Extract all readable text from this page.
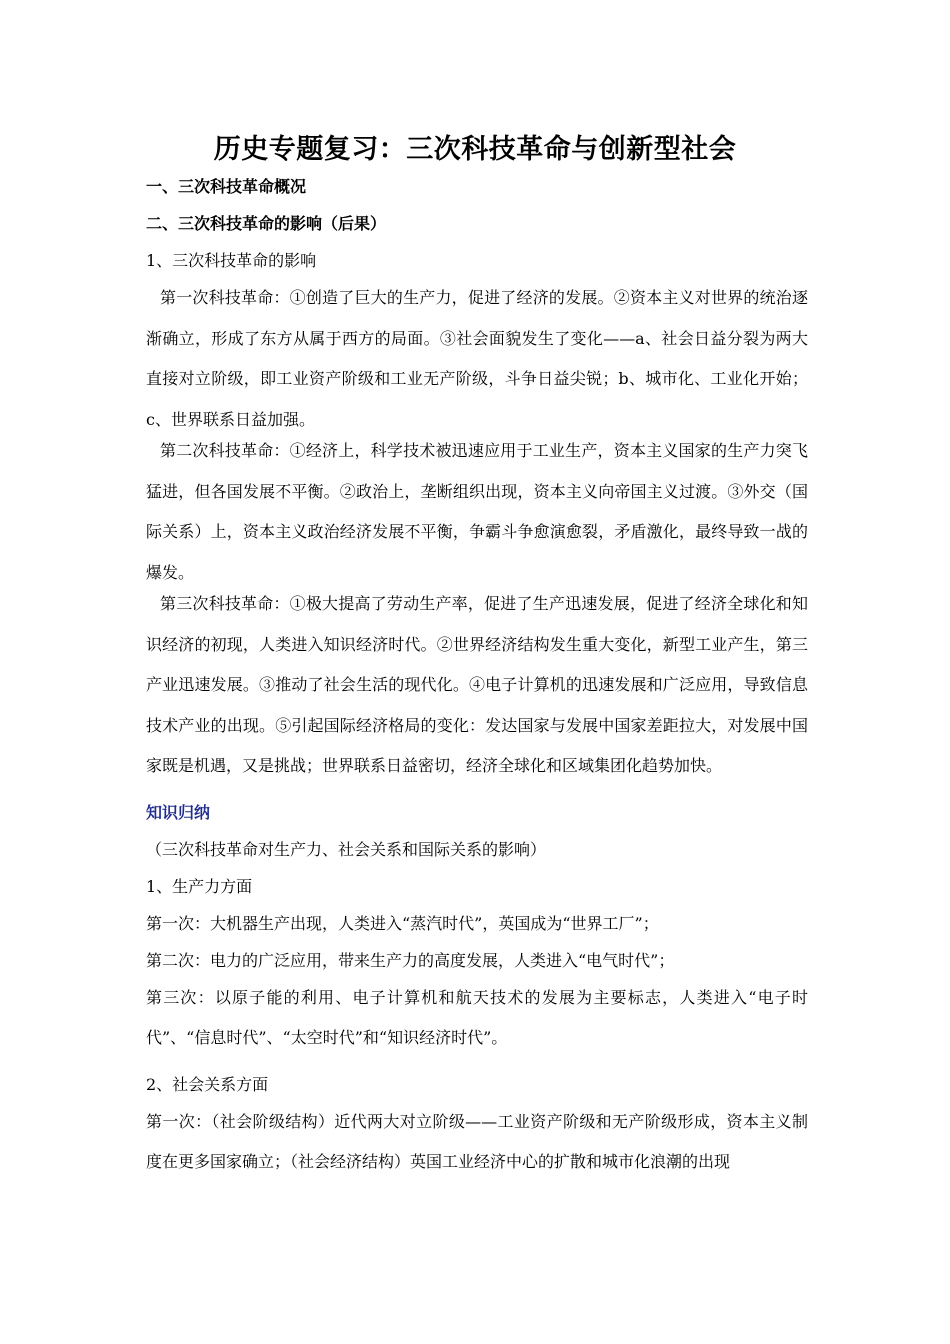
历史专题复习：三次科技革命与创新型社会
一、三次科技革命概况
二、三次科技革命的影响（后果）
1、三次科技革命的影响
第一次科技革命：①创造了巨大的生产力，促进了经济的发展。②资本主义对世界的统治逐渐确立，形成了东方从属于西方的局面。③社会面貌发生了变化——a、社会日益分裂为两大直接对立阶级，即工业资产阶级和工业无产阶级，斗争日益尖锐；b、城市化、工业化开始；c、世界联系日益加强。
第二次科技革命：①经济上，科学技术被迅速应用于工业生产，资本主义国家的生产力突飞猛进，但各国发展不平衡。②政治上，垄断组织出现，资本主义向帝国主义过渡。③外交（国际关系）上，资本主义政治经济发展不平衡，争霸斗争愈演愈裂，矛盾激化，最终导致一战的爆发。
第三次科技革命：①极大提高了劳动生产率，促进了生产迅速发展，促进了经济全球化和知识经济的初现，人类进入知识经济时代。②世界经济结构发生重大变化，新型工业产生，第三产业迅速发展。③推动了社会生活的现代化。④电子计算机的迅速发展和广泛应用，导致信息技术产业的出现。⑤引起国际经济格局的变化：发达国家与发展中国家差距拉大，对发展中国家既是机遇，又是挑战；世界联系日益密切，经济全球化和区域集团化趋势加快。
知识归纳
（三次科技革命对生产力、社会关系和国际关系的影响）
1、生产力方面
第一次：大机器生产出现，人类进入“蒸汽时代”，英国成为“世界工厂”；
第二次：电力的广泛应用，带来生产力的高度发展，人类进入“电气时代”；
第三次：以原子能的利用、电子计算机和航天技术的发展为主要标志，人类进入“电子时代”、“信息时代”、“太空时代”和“知识经济时代”。
2、社会关系方面
第一次：（社会阶级结构）近代两大对立阶级——工业资产阶级和无产阶级形成，资本主义制度在更多国家确立；（社会经济结构）英国工业经济中心的扩散和城市化浪潮的出现
